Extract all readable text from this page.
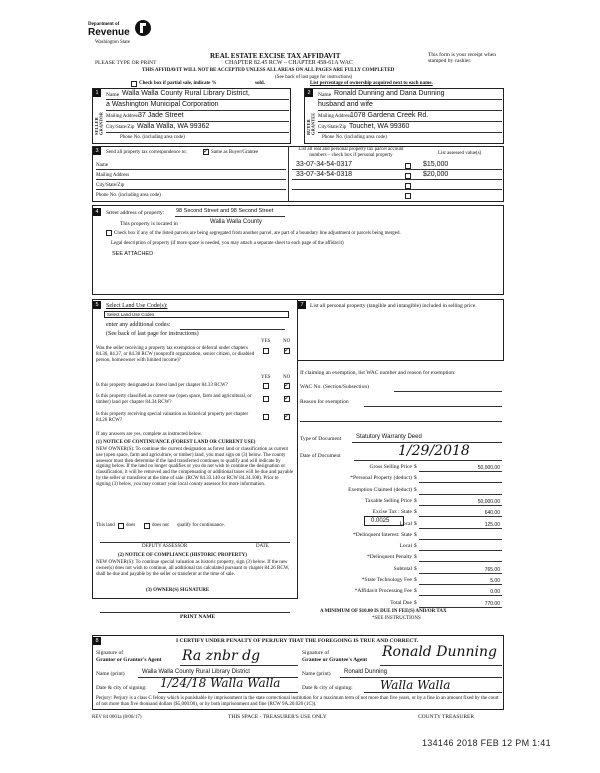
Department of
Revenue
Washington State
REAL ESTATE EXCISE TAX AFFIDAVIT
CHAPTER 82.45 RCW – CHAPTER 458-61A WAC
PLEASE TYPE OR PRINT
This form is your receipt when stamped by cashier.
THIS AFFIDAVIT WILL NOT BE ACCEPTED UNLESS ALL AREAS ON ALL PAGES ARE FULLY COMPLETED
(See back of last page for instructions)
Check box if partial sale, indicate %	sold.	List percentage of ownership acquired next to each name.
1
SELLER GRANTOR
Name Walla Walla County Rural Library District,
a Washington Municipal Corporation
Mailing Address
37 Jade Street
City/State/Zip Walla Walla, WA 99362
Phone No. (including area code)
2
BUYER GRANTEE
Name Ronald Dunning and Dana Dunning
husband and wife
Mailing Address
1078 Gardena Creek Rd.
City/State/Zip Touchet, WA 99360
Phone No. (including area code)
3	Send all property tax correspondence to: ✓	Same as Buyer/Grantee
Name
Mailing Address
City/State/Zip
Phone No. (including area code)
List all real and personal property tax parcel account numbers – check box if personal property	List assessed value(s)
33-07-34-54-0317	$15,000
33-07-34-54-0318	$20,000
4	Street address of property: 98 Second Street and 98 Second Street
This property is located in	Walla Walla County
Check box if any of the listed parcels are being segregated from another parcel, are part of a boundary line adjustment or parcels being merged.
Legal description of property (if more space is needed, you may attach a separate sheet to each page of the affidavit)
SEE ATTACHED
5	Select Land Use Code(s):
Select Land Use Codes
enter any additional codes:
(See back of last page for instructions)
YES	NO
Was the seller receiving a property tax exemption or deferral under chapters 84.36, 84.37, or 84.38 RCW (nonprofit organization, senior citizen, or disabled person, homeowner with limited income)?
✓
YES	NO
Is this property designated as forest land per chapter 84.33 RCW?
✓
Is this property classified as current use (open space, farm and agricultural, or timber) land per chapter 84.34 RCW?
✓
Is this property receiving special valuation as historical property per chapter 84.26 RCW?
✓
If any answers are yes, complete as instructed below.
(1) NOTICE OF CONTINUANCE (FOREST LAND OR CURRENT USE)
NEW OWNER(S): To continue the current designation as forest land or classification as current use (open space, farm and agriculture, or timber) land, you must sign on (3) below. The county assessor must then determine if the land transferred continues to qualify and will indicate by signing below. If the land no longer qualifies or you do not wish to continue the designation or classification, it will be removed and the compensating or additional taxes will be due and payable by the seller or transferor at the time of sale. (RCW 84.33.140 or RCW 84.34.108). Prior to signing (3) below, you may contact your local county assessor for more information.
This land does	does not qualify for continuance.
DEPUTY ASSESSOR	DATE
(2) NOTICE OF COMPLIANCE (HISTORIC PROPERTY)
NEW OWNER(S): To continue special valuation as historic property, sign (3) below. If the new owner(s) does not wish to continue, all additional tax calculated pursuant to chapter 84.26 RCW, shall be due and payable by the seller or transferor at the time of sale.
(3) OWNER(S) SIGNATURE
PRINT NAME
7	List all personal property (tangible and intangible) included in selling price.
If claiming an exemption, list WAC number and reason for exemption:
WAC No. (Section/Subsection)
Reason for exemption
Type of Document Statutory Warranty Deed
Date of Document	1/29/2018
Gross Selling Price $	50,000.00
*Personal Property (deduct) $
Exemption Claimed (deduct) $
Taxable Selling Price $	50,000.00
Excise Tax : State $	640.00
Local $	125.00
*Delinquent Interest: State $
Local $
*Delinquent Penalty $
Subtotal $	765.00
*State Technology Fee $	5.00
*Affidavit Processing Fee $	0.00
Total Due $	770.00
0.0025
A MINIMUM OF $10.00 IS DUE IN FEE(S) AND/OR TAX
*SEE INSTRUCTIONS
8	I CERTIFY UNDER PENALTY OF PERJURY THAT THE FOREGOING IS TRUE AND CORRECT.
Signature of
Grantor or Grantor's Agent Ra znbr dg	Signature of
Grantee or Grantee's Agent Ronald Dunning
Name (print)	Walla Walla County Rural Library District	Name (print) Ronald Dunning
Date & city of signing: 1/24/18 Walla Walla	Date & city of signing: Walla Walla
Perjury: Perjury is a class C felony which is punishable by imprisonment in the state correctional institution for a maximum term of not more than five years, or by a fine in an amount fixed by the court of not more than five thousand dollars ($5,000.00), or by both imprisonment and fine (RCW 9A.20.020 (1C)).
REV 84 0001a (8/06/17)	THIS SPACE - TREASURER'S USE ONLY	COUNTY TREASURER
134146 2018 FEB 12 PM 1:41
